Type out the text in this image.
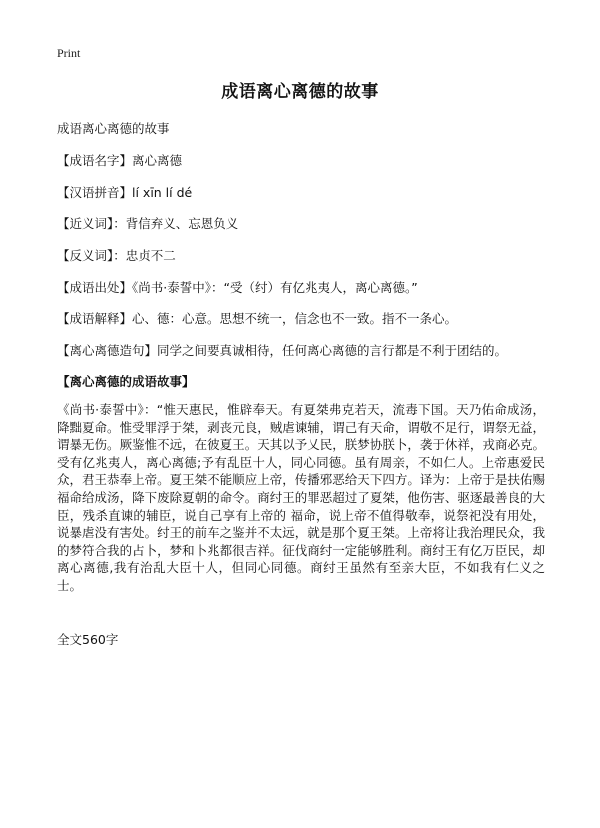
Print
成语离心离德的故事
成语离心离德的故事
【成语名字】离心离德
【汉语拼音】lí xīn lí dé
【近义词】：背信弃义、忘恩负义
【反义词】：忠贞不二
【成语出处】《尚书·泰誓中》：“受（纣）有亿兆夷人，离心离德。”
【成语解释】心、德：心意。思想不统一，信念也不一致。指不一条心。
【离心离德造句】同学之间要真诚相待，任何离心离德的言行都是不利于团结的。
【离心离德的成语故事】
《尚书·泰誓中》：“惟天惠民，惟辟奉天。有夏桀弗克若天，流毒下国。天乃佑命成汤，降黜夏命。惟受罪浮于桀，剥丧元良，贼虐谏辅，谓己有天命，谓敬不足行，谓祭无益，谓暴无伤。厥鉴惟不远，在彼夏王。天其以予乂民，朕梦协朕卜，袭于休祥，戎商必克。受有亿兆夷人，离心离德;予有乱臣十人，同心同德。虽有周亲，不如仁人。上帝惠爱民众，君王恭奉上帝。夏王桀不能顺应上帝，传播邪恶给天下四方。译为：上帝于是扶佑赐福命给成汤，降下废除夏朝的命令。商纣王的罪恶超过了夏桀，他伤害、驱逐最善良的大臣，残杀直谏的辅臣，说自己享有上帝的 福命，说上帝不值得敬奉，说祭祀没有用处，说暴虐没有害处。纣王的前车之鉴并不太远，就是那个夏王桀。上帝将让我治理民众，我的梦符合我的占卜，梦和卜兆都很吉祥。征伐商纣一定能够胜利。商纣王有亿万臣民，却离心离德,我有治乱大臣十人，但同心同德。商纣王虽然有至亲大臣，不如我有仁义之士。
全文560字
